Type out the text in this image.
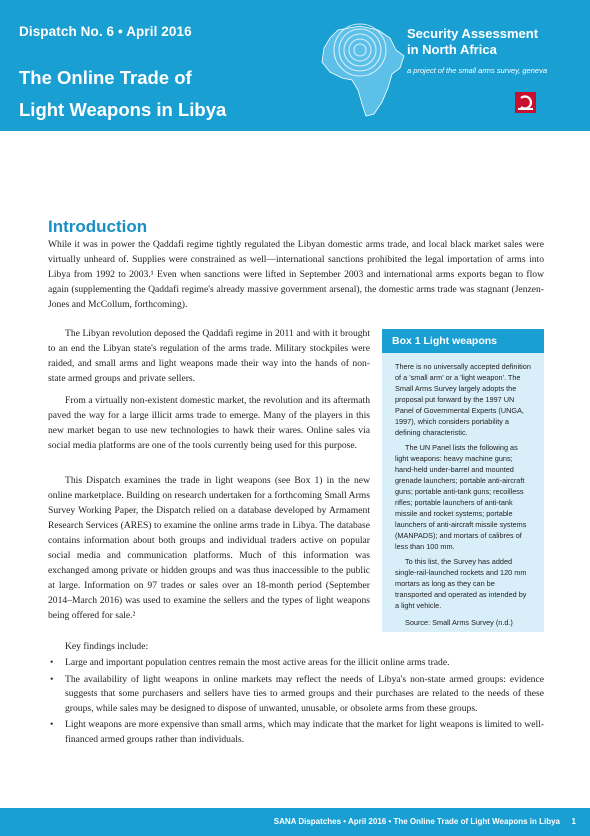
Dispatch No. 6 • April 2016
The Online Trade of
Light Weapons in Libya
Security Assessment
in North Africa
a project of the small arms survey, geneva
Introduction

While it was in power the Qaddafi regime tightly regulated the Libyan domestic arms trade, and local black market sales were virtually unheard of. Supplies were constrained as well—international sanctions prohibited the legal importation of arms into Libya from 1992 to 2003.¹ Even when sanctions were lifted in September 2003 and international arms exports began to flow again (supplementing the Qaddafi regime's already massive government arsenal), the domestic arms trade was stagnant (Jenzen-Jones and McCollum, forthcoming).

The Libyan revolution deposed the Qaddafi regime in 2011 and with it brought to an end the Libyan state's regulation of the arms trade. Military stockpiles were raided, and small arms and light weapons made their way into the hands of non-state armed groups and private sellers.

From a virtually non-existent domestic market, the revolution and its aftermath paved the way for a large illicit arms trade to emerge. Many of the players in this new market began to use new technologies to hawk their wares. Online sales via social media platforms are one of the tools currently being used for this purpose.

This Dispatch examines the trade in light weapons (see Box 1) in the new online marketplace. Building on research undertaken for a forthcoming Small Arms Survey Working Paper, the Dispatch relied on a database developed by Armament Research Services (ARES) to examine the online arms trade in Libya. The database contains information about both groups and individual traders active on popular social media and communication platforms. Much of this information was exchanged among private or hidden groups and was thus inaccessible to the public at large. Information on 97 trades or sales over an 18-month period (September 2014–March 2016) was used to examine the sellers and the types of light weapons being offered for sale.²

Box 1 Light weapons

There is no universally accepted definition of a 'small arm' or a 'light weapon'. The Small Arms Survey largely adopts the proposal put forward by the 1997 UN Panel of Governmental Experts (UNGA, 1997), which considers portability a defining characteristic.

The UN Panel lists the following as light weapons: heavy machine guns; hand-held under-barrel and mounted grenade launchers; portable anti-aircraft guns; portable anti-tank guns; recoilless rifles; portable launchers of anti-tank missile and rocket systems; portable launchers of anti-aircraft missile systems (MANPADS); and mortars of calibres of less than 100 mm.

To this list, the Survey has added single-rail-launched rockets and 120 mm mortars as long as they can be transported and operated as intended by a light vehicle.

Source: Small Arms Survey (n.d.)

Key findings include:
• Large and important population centres remain the most active areas for the illicit online arms trade.
• The availability of light weapons in online markets may reflect the needs of Libya's non-state armed groups: evidence suggests that some purchasers and sellers have ties to armed groups and their purchases are related to the needs of these groups, while sales may be designed to dispose of unwanted, unusable, or obsolete arms from these groups.
• Light weapons are more expensive than small arms, which may indicate that the market for light weapons is limited to well-financed armed groups rather than individuals.
SANA Dispatches • April 2016 • The Online Trade of Light Weapons in Libya 1
